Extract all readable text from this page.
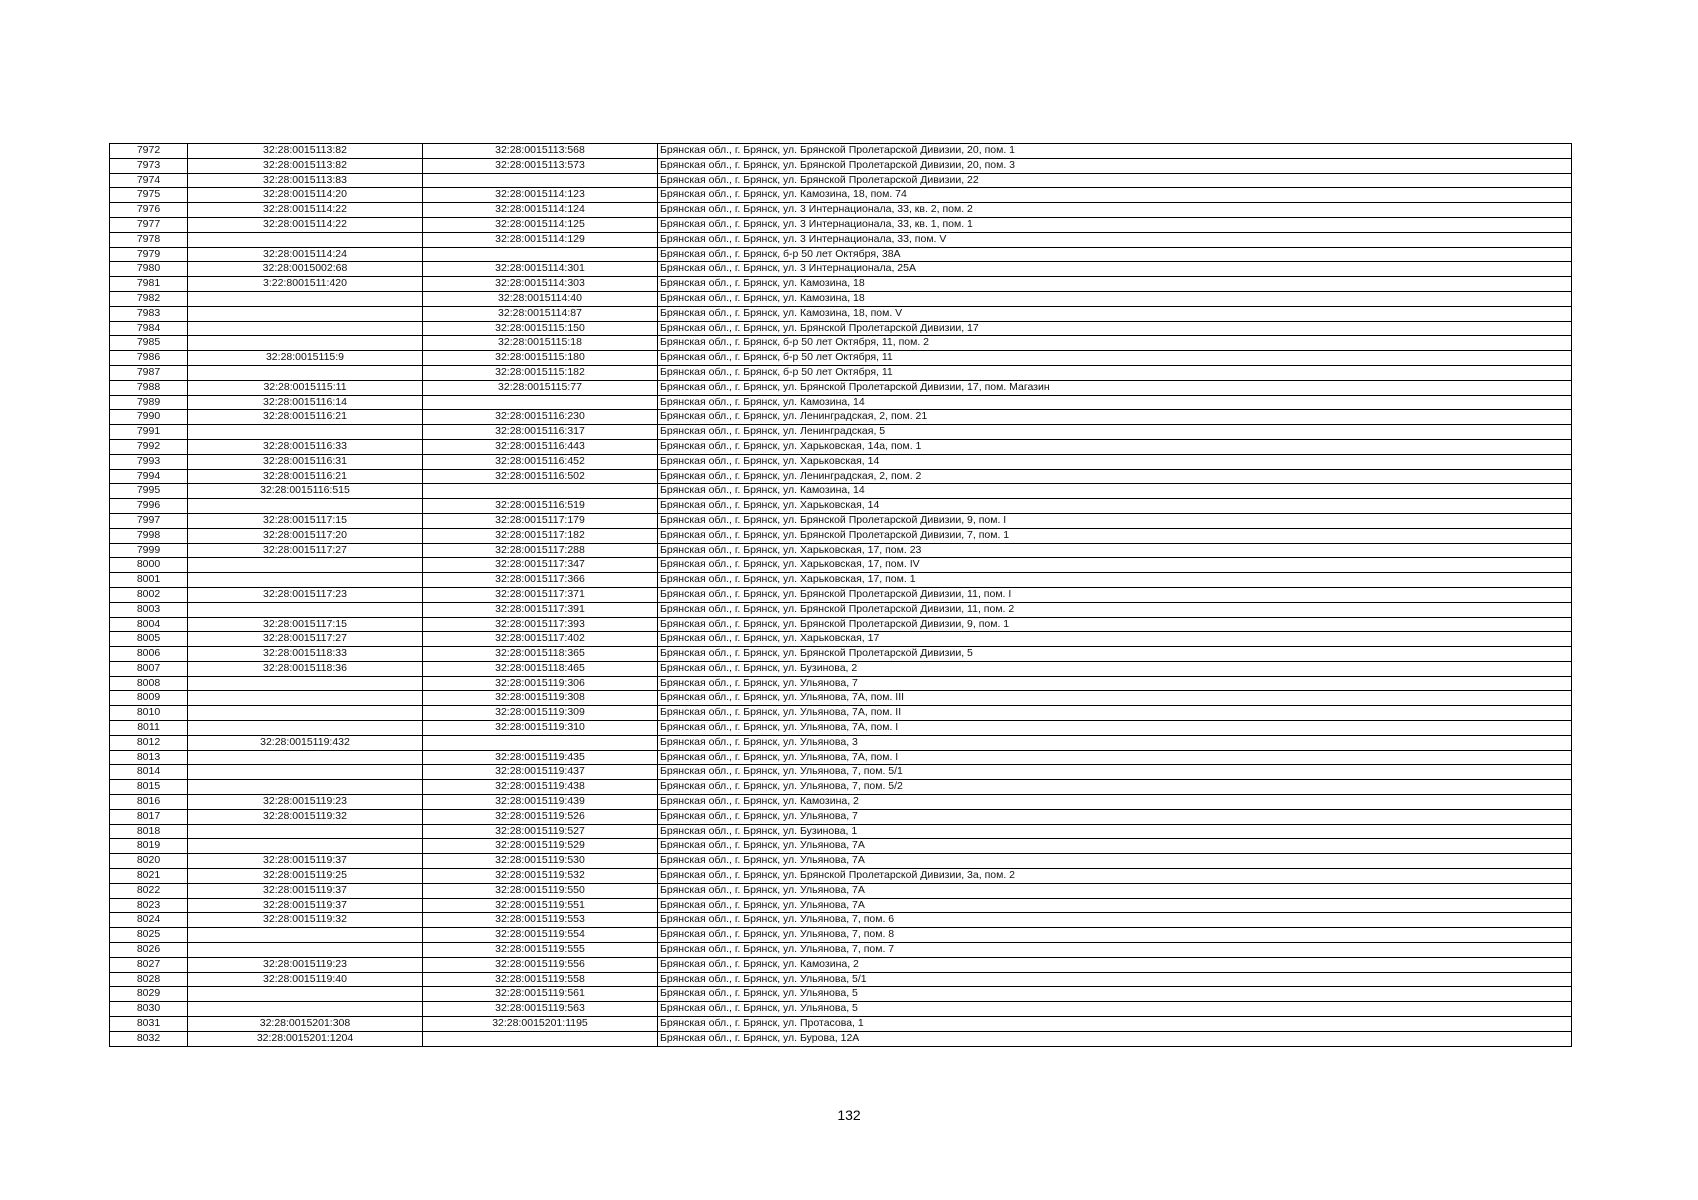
7972	32:28:0015113:82	32:28:0015113:568	Брянская обл., г. Брянск, ул. Брянской Пролетарской Дивизии, 20, пом. 1
7973	32:28:0015113:82	32:28:0015113:573	Брянская обл., г. Брянск, ул. Брянской Пролетарской Дивизии, 20, пом. 3
7974	32:28:0015113:83		Брянская обл., г. Брянск, ул. Брянской Пролетарской Дивизии, 22
7975	32:28:0015114:20	32:28:0015114:123	Брянская обл., г. Брянск, ул. Камозина, 18, пом. 74
7976	32:28:0015114:22	32:28:0015114:124	Брянская обл., г. Брянск, ул. 3 Интернационала, 33, кв. 2, пом. 2
7977	32:28:0015114:22	32:28:0015114:125	Брянская обл., г. Брянск, ул. 3 Интернационала, 33, кв. 1, пом. 1
7978		32:28:0015114:129	Брянская обл., г. Брянск, ул. 3 Интернационала, 33, пом. V
7979	32:28:0015114:24		Брянская обл., г. Брянск, б-р 50 лет Октября, 38А
7980	32:28:0015002:68	32:28:0015114:301	Брянская обл., г. Брянск, ул. 3 Интернационала, 25А
7981	3:22:8001511:420	32:28:0015114:303	Брянская обл., г. Брянск, ул. Камозина, 18
7982		32:28:0015114:40	Брянская обл., г. Брянск, ул. Камозина, 18
7983		32:28:0015114:87	Брянская обл., г. Брянск, ул. Камозина, 18, пом. V
7984		32:28:0015115:150	Брянская обл., г. Брянск, ул. Брянской Пролетарской Дивизии, 17
7985		32:28:0015115:18	Брянская обл., г. Брянск, б-р 50 лет Октября, 11, пом. 2
7986	32:28:0015115:9	32:28:0015115:180	Брянская обл., г. Брянск, б-р 50 лет Октября, 11
7987		32:28:0015115:182	Брянская обл., г. Брянск, б-р 50 лет Октября, 11
7988	32:28:0015115:11	32:28:0015115:77	Брянская обл., г. Брянск, ул. Брянской Пролетарской Дивизии, 17, пом. Магазин
7989	32:28:0015116:14		Брянская обл., г. Брянск, ул. Камозина, 14
7990	32:28:0015116:21	32:28:0015116:230	Брянская обл., г. Брянск, ул. Ленинградская, 2, пом. 21
7991		32:28:0015116:317	Брянская обл., г. Брянск, ул. Ленинградская, 5
7992	32:28:0015116:33	32:28:0015116:443	Брянская обл., г. Брянск, ул. Харьковская, 14а, пом. 1
7993	32:28:0015116:31	32:28:0015116:452	Брянская обл., г. Брянск, ул. Харьковская, 14
7994	32:28:0015116:21	32:28:0015116:502	Брянская обл., г. Брянск, ул. Ленинградская, 2, пом. 2
7995	32:28:0015116:515		Брянская обл., г. Брянск, ул. Камозина, 14
7996		32:28:0015116:519	Брянская обл., г. Брянск, ул. Харьковская, 14
7997	32:28:0015117:15	32:28:0015117:179	Брянская обл., г. Брянск, ул. Брянской Пролетарской Дивизии, 9, пом. I
7998	32:28:0015117:20	32:28:0015117:182	Брянская обл., г. Брянск, ул. Брянской Пролетарской Дивизии, 7, пом. 1
7999	32:28:0015117:27	32:28:0015117:288	Брянская обл., г. Брянск, ул. Харьковская, 17, пом. 23
8000		32:28:0015117:347	Брянская обл., г. Брянск, ул. Харьковская, 17, пом. IV
8001		32:28:0015117:366	Брянская обл., г. Брянск, ул. Харьковская, 17, пом. 1
8002	32:28:0015117:23	32:28:0015117:371	Брянская обл., г. Брянск, ул. Брянской Пролетарской Дивизии, 11, пом. I
8003		32:28:0015117:391	Брянская обл., г. Брянск, ул. Брянской Пролетарской Дивизии, 11, пом. 2
8004	32:28:0015117:15	32:28:0015117:393	Брянская обл., г. Брянск, ул. Брянской Пролетарской Дивизии, 9, пом. 1
8005	32:28:0015117:27	32:28:0015117:402	Брянская обл., г. Брянск, ул. Харьковская, 17
8006	32:28:0015118:33	32:28:0015118:365	Брянская обл., г. Брянск, ул. Брянской Пролетарской Дивизии, 5
8007	32:28:0015118:36	32:28:0015118:465	Брянская обл., г. Брянск, ул. Бузинова, 2
8008		32:28:0015119:306	Брянская обл., г. Брянск, ул. Ульянова, 7
8009		32:28:0015119:308	Брянская обл., г. Брянск, ул. Ульянова, 7А, пом. III
8010		32:28:0015119:309	Брянская обл., г. Брянск, ул. Ульянова, 7А, пом. II
8011		32:28:0015119:310	Брянская обл., г. Брянск, ул. Ульянова, 7А, пом. I
8012	32:28:0015119:432		Брянская обл., г. Брянск, ул. Ульянова, 3
8013		32:28:0015119:435	Брянская обл., г. Брянск, ул. Ульянова, 7А, пом. I
8014		32:28:0015119:437	Брянская обл., г. Брянск, ул. Ульянова, 7, пом. 5/1
8015		32:28:0015119:438	Брянская обл., г. Брянск, ул. Ульянова, 7, пом. 5/2
8016	32:28:0015119:23	32:28:0015119:439	Брянская обл., г. Брянск, ул. Камозина, 2
8017	32:28:0015119:32	32:28:0015119:526	Брянская обл., г. Брянск, ул. Ульянова, 7
8018		32:28:0015119:527	Брянская обл., г. Брянск, ул. Бузинова, 1
8019		32:28:0015119:529	Брянская обл., г. Брянск, ул. Ульянова, 7А
8020	32:28:0015119:37	32:28:0015119:530	Брянская обл., г. Брянск, ул. Ульянова, 7А
8021	32:28:0015119:25	32:28:0015119:532	Брянская обл., г. Брянск, ул. Брянской Пролетарской Дивизии, 3а, пом. 2
8022	32:28:0015119:37	32:28:0015119:550	Брянская обл., г. Брянск, ул. Ульянова, 7А
8023	32:28:0015119:37	32:28:0015119:551	Брянская обл., г. Брянск, ул. Ульянова, 7А
8024	32:28:0015119:32	32:28:0015119:553	Брянская обл., г. Брянск, ул. Ульянова, 7, пом. 6
8025		32:28:0015119:554	Брянская обл., г. Брянск, ул. Ульянова, 7, пом. 8
8026		32:28:0015119:555	Брянская обл., г. Брянск, ул. Ульянова, 7, пом. 7
8027	32:28:0015119:23	32:28:0015119:556	Брянская обл., г. Брянск, ул. Камозина, 2
8028	32:28:0015119:40	32:28:0015119:558	Брянская обл., г. Брянск, ул. Ульянова, 5/1
8029		32:28:0015119:561	Брянская обл., г. Брянск, ул. Ульянова, 5
8030		32:28:0015119:563	Брянская обл., г. Брянск, ул. Ульянова, 5
8031	32:28:0015201:308	32:28:0015201:1195	Брянская обл., г. Брянск, ул. Протасова, 1
8032	32:28:0015201:1204		Брянская обл., г. Брянск, ул. Бурова, 12А
132
